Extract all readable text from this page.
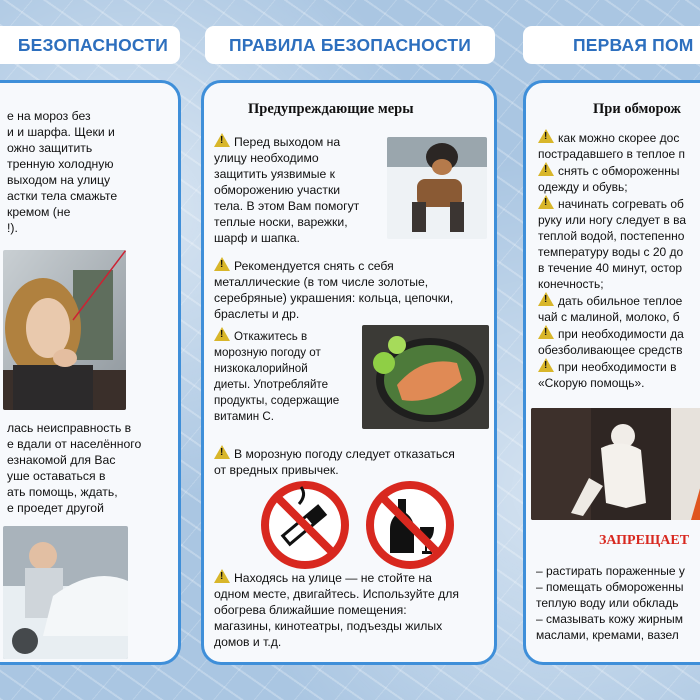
БЕЗОПАСНОСТИ	ПРАВИЛА БЕЗОПАСНОСТИ	ПЕРВАЯ ПОМ
е на мороз без
и и шарфа. Щеки и
ожно защитить
тренную холодную
выходом на улицу
астки тела смажьте
кремом (не
!).
лась неисправность в
е вдали от населённого
езнакомой для Вас
уше оставаться в
ать помощь, ждать,
е проедет другой
Предупреждающие меры
!Перед выходом на
улицу необходимо
защитить уязвимые к
обморожению участки
тела. В этом Вам помогут
теплые носки, варежки,
шарф и шапка.
!Рекомендуется снять с себя
металлические (в том числе золотые,
серебряные) украшения: кольца, цепочки,
браслеты и др.
!Откажитесь в
морозную погоду от
низкокалорийной
диеты. Употребляйте
продукты, содержащие
витамин С.
!В морозную погоду следует отказаться
от вредных привычек.
!Находясь на улице — не стойте на
одном месте, двигайтесь. Используйте для
обогрева ближайшие помещения:
магазины, кинотеатры, подъезды жилых
домов и т.д.
При обморож
!как можно скорее дос
пострадавшего в теплое п
!снять с обмороженны
одежду и обувь;
!начинать согревать об
руку или ногу следует в ва
теплой водой, постепенно
температуру воды с 20 до
в течение 40 минут, остор
конечность;
!дать обильное теплое
чай с малиной, молоко, б
!при необходимости да
обезболивающее средств
!при необходимости в
«Скорую помощь».
ЗАПРЕЩАЕТ
– растирать пораженные у
– помещать обмороженны
теплую воду или обкладь
– смазывать кожу жирным
маслами, кремами, вазел
